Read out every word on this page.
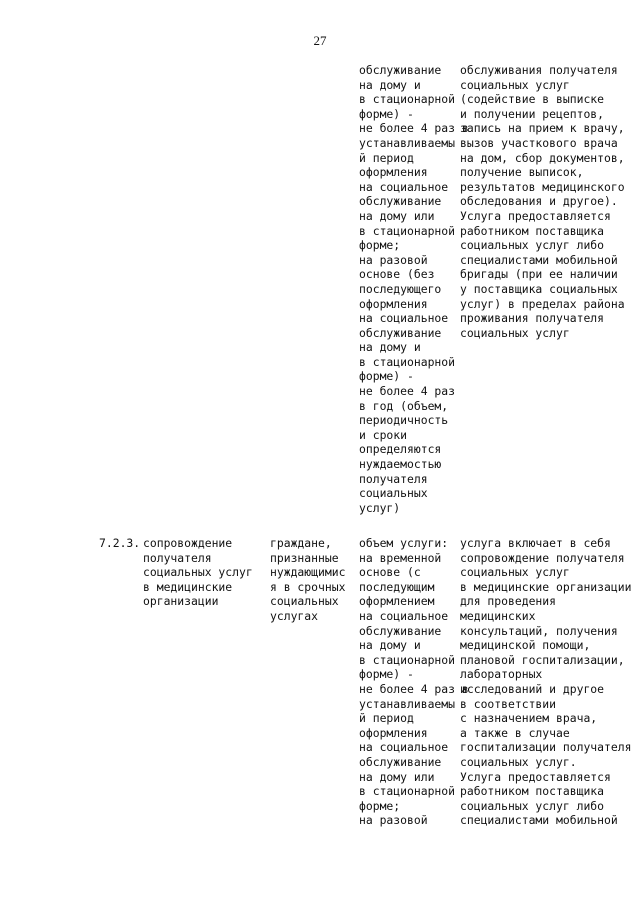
27
обслуживание
на дому и
в стационарной
форме) -
не более 4 раз в
устанавливаемы
й период
оформления
на социальное
обслуживание
на дому или
в стационарной
форме;
на разовой
основе (без
последующего
оформления
на социальное
обслуживание
на дому и
в стационарной
форме) -
не более 4 раз
в год (объем,
периодичность
и сроки
определяются
нуждаемостью
получателя
социальных
услуг)
обслуживания получателя
социальных услуг
(содействие в выписке
и получении рецептов,
запись на прием к врачу,
вызов участкового врача
на дом, сбор документов,
получение выписок,
результатов медицинского
обследования и другое).
Услуга предоставляется
работником поставщика
социальных услуг либо
специалистами мобильной
бригады (при ее наличии
у поставщика социальных
услуг) в пределах района
проживания получателя
социальных услуг
7.2.3. сопровождение
получателя
социальных услуг
в медицинские
организации
граждане,
признанные
нуждающимис
я в срочных
социальных
услугах
объем услуги:
на временной
основе (с
последующим
оформлением
на социальное
обслуживание
на дому и
в стационарной
форме) -
не более 4 раз в
устанавливаемы
й период
оформления
на социальное
обслуживание
на дому или
в стационарной
форме;
на разовой
услуга включает в себя
сопровождение получателя
социальных услуг
в медицинские организации
для проведения
медицинских
консультаций, получения
медицинской помощи,
плановой госпитализации,
лабораторных
исследований и другое
в соответствии
с назначением врача,
а также в случае
госпитализации получателя
социальных услуг.
Услуга предоставляется
работником поставщика
социальных услуг либо
специалистами мобильной
